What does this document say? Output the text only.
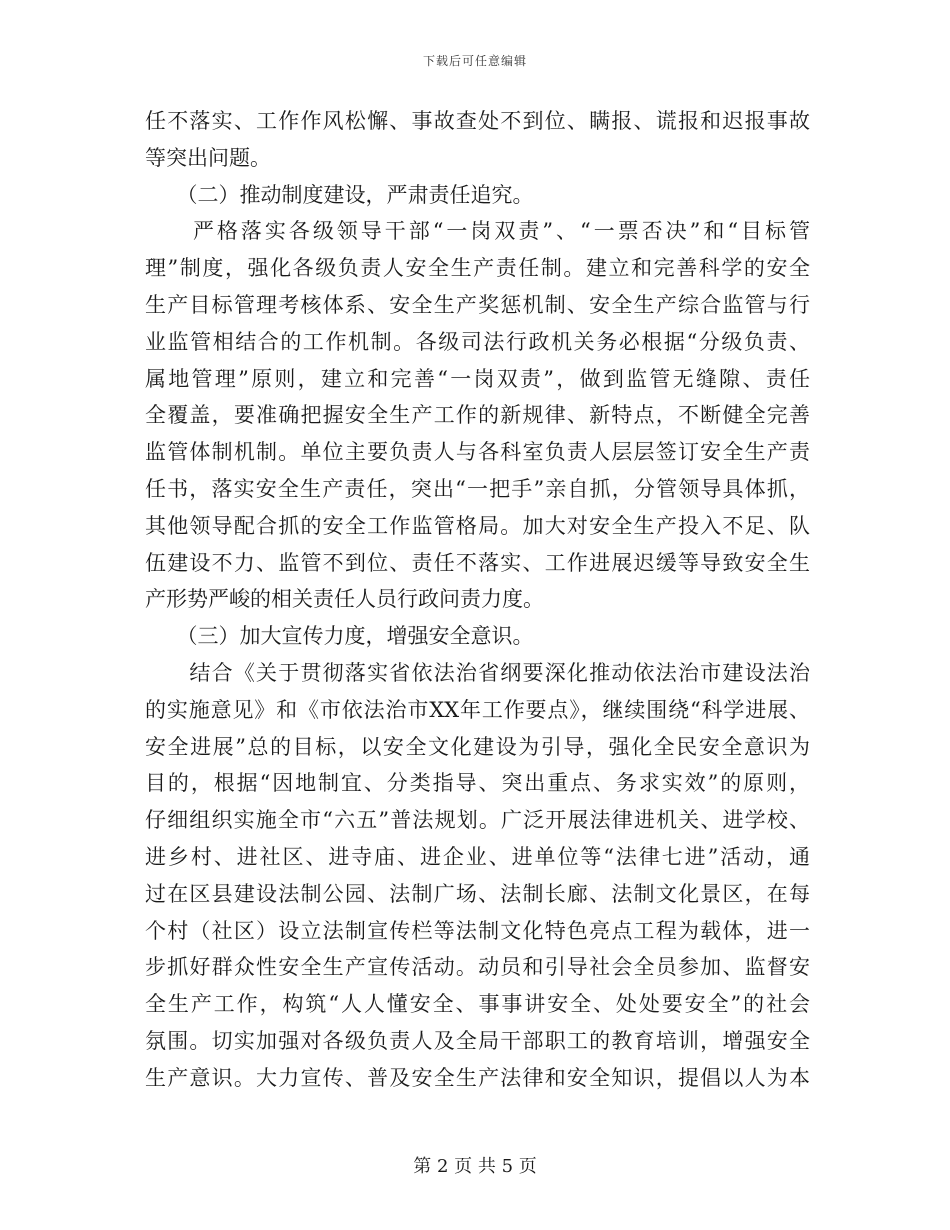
下载后可任意编辑
任不落实、工作作风松懈、事故查处不到位、瞒报、谎报和迟报事故
等突出问题。
　　（二）推动制度建设，严肃责任追究。
　　严格落实各级领导干部“一岗双责”、“一票否决”和“目标管
理”制度，强化各级负责人安全生产责任制。建立和完善科学的安全
生产目标管理考核体系、安全生产奖惩机制、安全生产综合监管与行
业监管相结合的工作机制。各级司法行政机关务必根据“分级负责、
属地管理”原则，建立和完善“一岗双责”，做到监管无缝隙、责任
全覆盖，要准确把握安全生产工作的新规律、新特点，不断健全完善
监管体制机制。单位主要负责人与各科室负责人层层签订安全生产责
任书，落实安全生产责任，突出“一把手”亲自抓，分管领导具体抓，
其他领导配合抓的安全工作监管格局。加大对安全生产投入不足、队
伍建设不力、监管不到位、责任不落实、工作进展迟缓等导致安全生
产形势严峻的相关责任人员行政问责力度。
　　（三）加大宣传力度，增强安全意识。
　　结合《关于贯彻落实省依法治省纲要深化推动依法治市建设法治
的实施意见》和《市依法治市XX年工作要点》，继续围绕“科学进展、
安全进展”总的目标，以安全文化建设为引导，强化全民安全意识为
目的，根据“因地制宜、分类指导、突出重点、务求实效”的原则，
仔细组织实施全市“六五”普法规划。广泛开展法律进机关、进学校、
进乡村、进社区、进寺庙、进企业、进单位等“法律七进”活动，通
过在区县建设法制公园、法制广场、法制长廊、法制文化景区，在每
个村（社区）设立法制宣传栏等法制文化特色亮点工程为载体，进一
步抓好群众性安全生产宣传活动。动员和引导社会全员参加、监督安
全生产工作，构筑“人人懂安全、事事讲安全、处处要安全”的社会
氛围。切实加强对各级负责人及全局干部职工的教育培训，增强安全
生产意识。大力宣传、普及安全生产法律和安全知识，提倡以人为本
第 2 页 共 5 页
